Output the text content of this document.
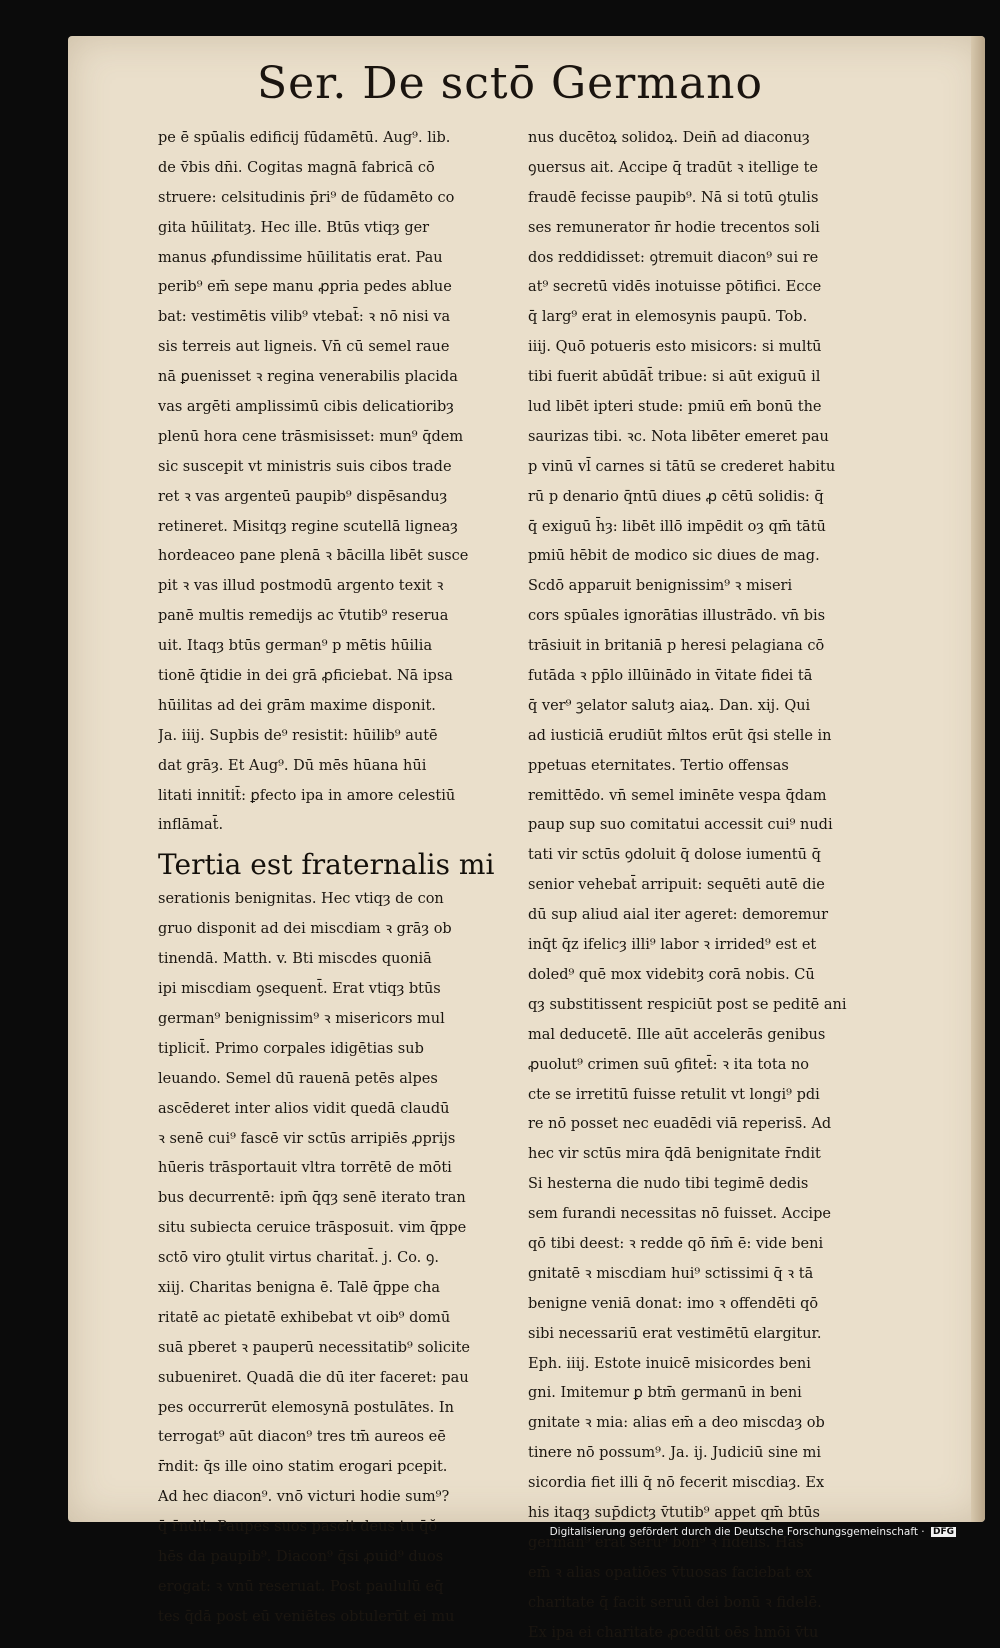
Ser. De sctō Germano
pe ē spūalis edificij fūdamētū. Aug⁹. lib.
de v̄bis dn̄i. Cogitas magnā fabricā cō
struere: celsitudinis p̄ri⁹ de fūdamēto co
gita hūilitatȝ. Hec ille. Btūs vtiqȝ ger
manus ꝓfundissime hūilitatis erat. Pau
perib⁹ em̄ sepe manu ꝓpria pedes ablue
bat: vestimētis vilib⁹ vtebat̄: ꝛ nō nisi va
sis terreis aut ligneis. Vn̄ cū semel raue
nā ꝑuenisset ꝛ regina venerabilis placida
vas argēti amplissimū cibis delicatioribȝ
plenū hora cene trāsmisisset: mun⁹ q̄dem
sic suscepit vt ministris suis cibos trade
ret ꝛ vas argenteū paupib⁹ dispēsanduȝ
retineret. Misitqȝ regine scutellā ligneaȝ
hordeaceo pane plenā ꝛ bācilla libēt susce
pit ꝛ vas illud postmodū argento texit ꝛ
panē multis remedijs ac v̄tutib⁹ reserua
uit. Itaqȝ btūs german⁹ p mētis hūilia
tionē q̄tidie in dei grā ꝓficiebat. Nā ipsa
hūilitas ad dei grām maxime disponit.
Ja. iiij. Supbis de⁹ resistit: hūilib⁹ autē
dat grāȝ. Et Aug⁹. Dū mēs hūana hūi
litati innitit̄: ꝑfecto ipa in amore celestiū
inflāmat̄.
Tertia est fraternalis mi
serationis benignitas. Hec vtiqȝ de con
gruo disponit ad dei miscdiam ꝛ grāȝ ob
tinendā. Matth. v. Bti miscdes quoniā
ipi miscdiam ꝯsequent̄. Erat vtiqȝ btūs
german⁹ benignissim⁹ ꝛ misericors mul
tiplicit̄. Primo corpales idigētias sub
leuando. Semel dū rauenā petēs alpes
ascēderet inter alios vidit quedā claudū
ꝛ senē cui⁹ fascē vir sctūs arripiēs ꝓprijs
hūeris trāsportauit vltra torrētē de mōti
bus decurrentē: ipm̄ q̄qȝ senē iterato tran
situ subiecta ceruice trāsposuit. vim q̄ppe
sctō viro ꝯtulit virtus charitat̄. j. Co. ꝯ.
xiij. Charitas benigna ē. Talē q̄ppe cha
ritatē ac pietatē exhibebat vt oib⁹ domū
suā pberet ꝛ pauperū necessitatib⁹ solicite
subueniret. Quadā die dū iter faceret: pau
pes occurrerūt elemosynā postulātes. In
terrogat⁹ aūt diacon⁹ tres tm̄ aureos eē
r̄ndit: q̄s ille oino statim erogari pcepit.
Ad hec diacon⁹. vnō victuri hodie sum⁹?
q̄ r̄ndit. Paupes suos pascit deus tu q̄ŏ
hēs da paupib⁹. Diacon⁹ q̄si ꝓuid⁹ duos
erogat: ꝛ vnū reseruat. Post paululū eq̄
tes q̄dā post eū veniētes obtulerūt ei mu
nus ducētoꝝ solidoꝝ. Dein̄ ad diaconuȝ
ꝯuersus ait. Accipe q̄ tradūt ꝛ itellige te
fraudē fecisse paupib⁹. Nā si totū ꝯtulis
ses remunerator n̄r hodie trecentos soli
dos reddidisset: ꝯtremuit diacon⁹ sui re
at⁹ secretū vidēs inotuisse pōtifici. Ecce
q̄ larg⁹ erat in elemosynis paupū. Tob.
iiij. Quō potueris esto misicors: si multū
tibi fuerit abūdāt̄ tribue: si aūt exiguū il
lud libēt ipteri stude: pmiū em̄ bonū the
saurizas tibi. ꝛc. Nota libēter emeret pau
p vinū vl̄ carnes si tātū se crederet habitu
rū p denario q̄ntū diues ꝓ cētū solidis: q̄
q̄ exiguū h̄ȝ: libēt illō impēdit oȝ qm̄ tātū
pmiū hēbit de modico sic diues de mag.
Scdō apparuit benignissim⁹ ꝛ miseri
cors spūales ignorātias illustrādo. vn̄ bis
trāsiuit in britaniā p heresi pelagiana cō
futāda ꝛ pp̄lo illūinādo in v̄itate fidei tā
q̄ ver⁹ ꝫelator salutȝ aiaꝝ. Dan. xij. Qui
ad iusticiā erudiūt m̄ltos erūt q̄si stelle in
ppetuas eternitates. Tertio offensas
remittēdo. vn̄ semel iminēte vespa q̄dam
paup sup suo comitatui accessit cui⁹ nudi
tati vir sctūs ꝯdoluit q̄ dolose iumentū q̄
senior vehebat̄ arripuit: sequēti autē die
dū sup aliud aial iter ageret: demoremur
inq̄t q̄z ifelicȝ illi⁹ labor ꝛ irrided⁹ est et
doled⁹ quē mox videbitȝ corā nobis. Cū
qȝ substitissent respiciūt post se peditē ani
mal deducetē. Ille aūt accelerās genibus
ꝓuolut⁹ crimen suū ꝯfitet̄: ꝛ ita tota no
cte se irretitū fuisse retulit vt longi⁹ pdi
re nō posset nec euadēdi viā reperiss̄. Ad
hec vir sctūs mira q̄dā benignitate r̄ndit
Si hesterna die nudo tibi tegimē dedis
sem furandi necessitas nō fuisset. Accipe
qō tibi deest: ꝛ redde qō n̄m̄ ē: vide beni
gnitatē ꝛ miscdiam hui⁹ sctissimi q̄ ꝛ tā
benigne veniā donat: imo ꝛ offendēti qō
sibi necessariū erat vestimētū elargitur.
Eph. iiij. Estote inuicē misicordes beni
gni. Imitemur ꝑ btm̄ germanū in beni
gnitate ꝛ mia: alias em̄ a deo miscdaȝ ob
tinere nō possum⁹. Ja. ij. Judiciū sine mi
sicordia fiet illi q̄ nō fecerit miscdiaȝ. Ex
his itaqȝ sup̄dictȝ v̄tutib⁹ appet qm̄ btūs
german⁹ erat seru⁹ bon⁹ ꝛ fidelis. Has
em̄ ꝛ alias opatiōes v̄tuosas faciebat ex
charitate q̄ facit seruū dei bonū ꝛ fidelē.
Ex ipa ei charitate ꝓcedūt oēs hmōi v̄tu
Digitalisierung gefördert durch die Deutsche Forschungsgemeinschaft · DFG
